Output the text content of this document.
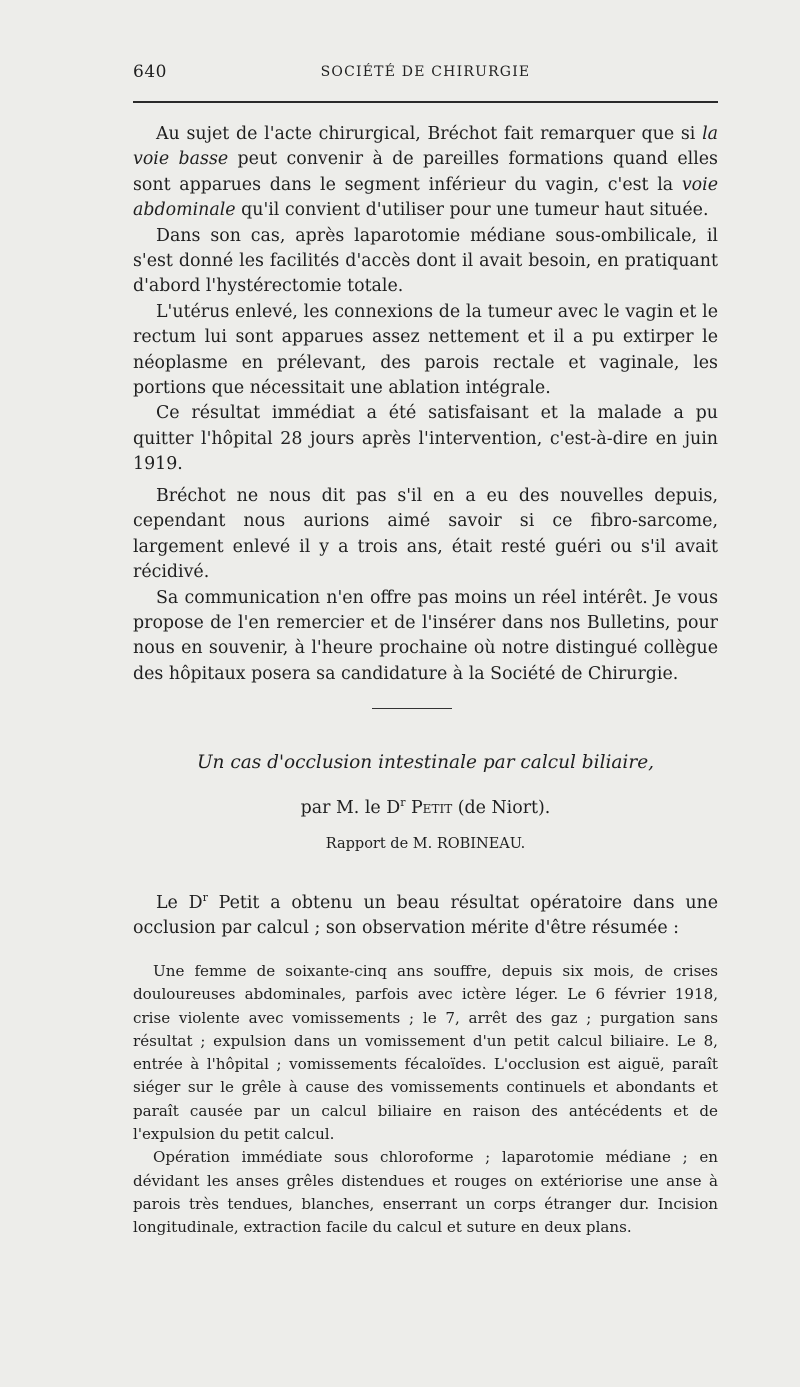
640	SOCIÉTÉ DE CHIRURGIE

Au sujet de l'acte chirurgical, Bréchot fait remarquer que si la voie basse peut convenir à de pareilles formations quand elles sont apparues dans le segment inférieur du vagin, c'est la voie abdominale qu'il convient d'utiliser pour une tumeur haut située.

Dans son cas, après laparotomie médiane sous-ombilicale, il s'est donné les facilités d'accès dont il avait besoin, en pratiquant d'abord l'hystérectomie totale.

L'utérus enlevé, les connexions de la tumeur avec le vagin et le rectum lui sont apparues assez nettement et il a pu extirper le néoplasme en prélevant, des parois rectale et vaginale, les portions que nécessitait une ablation intégrale.

Ce résultat immédiat a été satisfaisant et la malade a pu quitter l'hôpital 28 jours après l'intervention, c'est-à-dire en juin 1919.

Bréchot ne nous dit pas s'il en a eu des nouvelles depuis, cependant nous aurions aimé savoir si ce fibro-sarcome, largement enlevé il y a trois ans, était resté guéri ou s'il avait récidivé.

Sa communication n'en offre pas moins un réel intérêt. Je vous propose de l'en remercier et de l'insérer dans nos Bulletins, pour nous en souvenir, à l'heure prochaine où notre distingué collègue des hôpitaux posera sa candidature à la Société de Chirurgie.

Un cas d'occlusion intestinale par calcul biliaire,
par M. le $D^r$ Petit (de Niort).
Rapport de M. ROBINEAU.

Le $D^r$ Petit a obtenu un beau résultat opératoire dans une occlusion par calcul ; son observation mérite d'être résumée :

Une femme de soixante-cinq ans souffre, depuis six mois, de crises douloureuses abdominales, parfois avec ictère léger. Le 6 février 1918, crise violente avec vomissements ; le 7, arrêt des gaz ; purgation sans résultat ; expulsion dans un vomissement d'un petit calcul biliaire. Le 8, entrée à l'hôpital ; vomissements fécaloïdes. L'occlusion est aiguë, paraît siéger sur le grêle à cause des vomissements continuels et abondants et paraît causée par un calcul biliaire en raison des antécédents et de l'expulsion du petit calcul.

Opération immédiate sous chloroforme ; laparotomie médiane ; en dévidant les anses grêles distendues et rouges on extériorise une anse à parois très tendues, blanches, enserrant un corps étranger dur. Incision longitudinale, extraction facile du calcul et suture en deux plans.
